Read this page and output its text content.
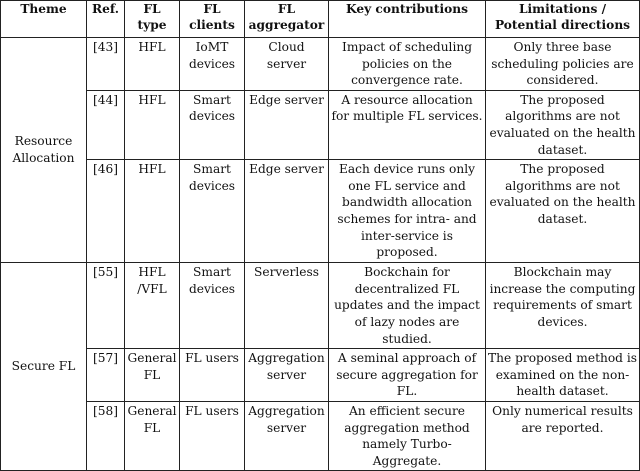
Theme	Ref.	FL type	FL clients	FL aggregator	Key contributions	Limitations / Potential directions
Resource Allocation	[43]	HFL	IoMT devices	Cloud server	Impact of scheduling policies on the convergence rate.	Only three base scheduling policies are considered.
	[44]	HFL	Smart devices	Edge server	A resource allocation for multiple FL services.	The proposed algorithms are not evaluated on the health dataset.
	[46]	HFL	Smart devices	Edge server	Each device runs only one FL service and bandwidth allocation schemes for intra- and inter-service is proposed.	The proposed algorithms are not evaluated on the health dataset.
Secure FL	[55]	HFL /VFL	Smart devices	Serverless	Bockchain for decentralized FL updates and the impact of lazy nodes are studied.	Blockchain may increase the computing requirements of smart devices.
	[57]	General FL	FL users	Aggregation server	A seminal approach of secure aggregation for FL.	The proposed method is examined on the non-health dataset.
	[58]	General FL	FL users	Aggregation server	An efficient secure aggregation method namely Turbo-Aggregate.	Only numerical results are reported.
